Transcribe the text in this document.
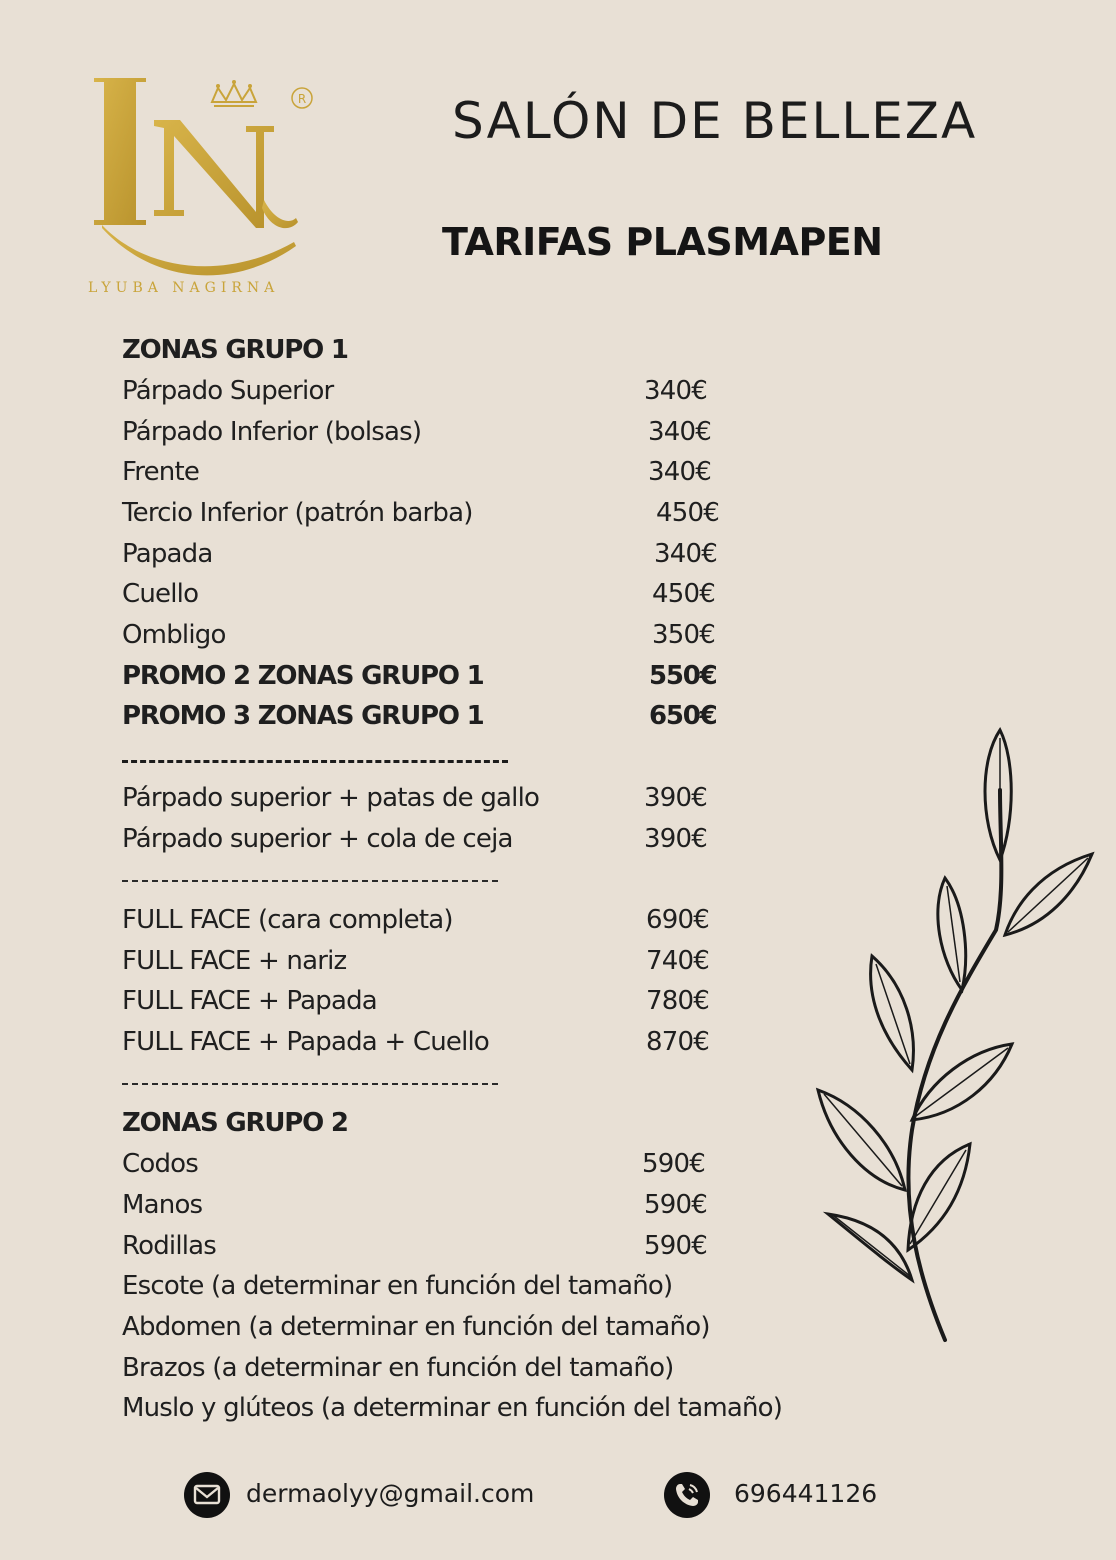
R
LYUBA NAGIRNA
SALÓN DE BELLEZA
TARIFAS PLASMAPEN
ZONAS GRUPO 1
Párpado Superior	340€
Párpado Inferior (bolsas)	340€
Frente	340€
Tercio Inferior (patrón barba)	450€
Papada	340€
Cuello	450€
Ombligo	350€
PROMO 2 ZONAS GRUPO 1	550€
PROMO 3 ZONAS GRUPO 1	650€
Párpado superior + patas de gallo	390€
Párpado superior + cola de ceja	390€
FULL FACE (cara completa)	690€
FULL FACE + nariz	740€
FULL FACE + Papada	780€
FULL FACE + Papada + Cuello	870€
ZONAS GRUPO 2
Codos	590€
Manos	590€
Rodillas	590€
Escote (a determinar en función del tamaño)
Abdomen (a determinar en función del tamaño)
Brazos (a determinar en función del tamaño)
Muslo y glúteos (a determinar en función del tamaño)
dermaolyy@gmail.com	696441126
